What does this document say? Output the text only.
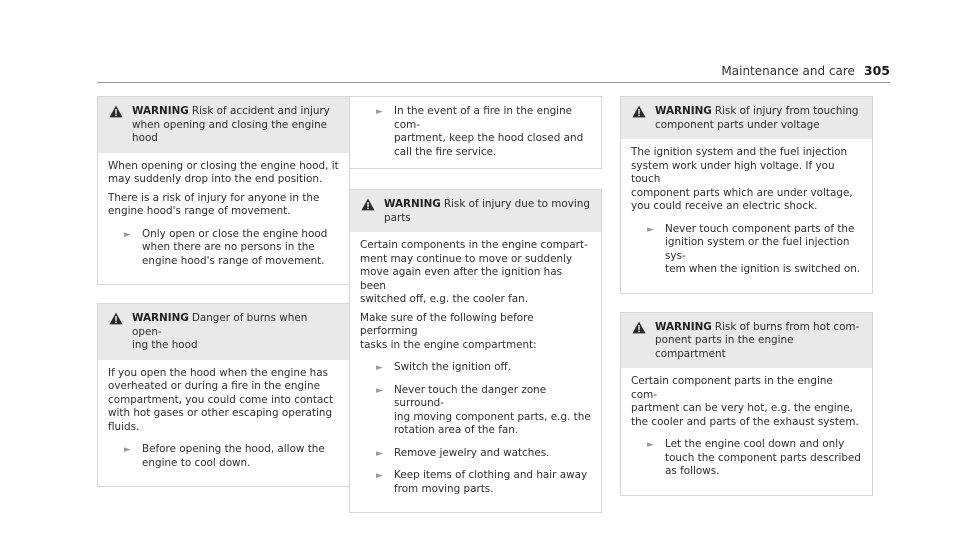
Maintenance and care 305
WARNING Risk of accident and injury
when opening and closing the engine
hood

When opening or closing the engine hood, it
may suddenly drop into the end position.

There is a risk of injury for anyone in the
engine hood's range of movement.

► Only open or close the engine hood
when there are no persons in the
engine hood's range of movement.
WARNING Danger of burns when open-
ing the hood

If you open the hood when the engine has
overheated or during a fire in the engine
compartment, you could come into contact
with hot gases or other escaping operating
fluids.

► Before opening the hood, allow the
engine to cool down.
► In the event of a fire in the engine com-
partment, keep the hood closed and
call the fire service.
WARNING Risk of injury due to moving
parts

Certain components in the engine compart-
ment may continue to move or suddenly
move again even after the ignition has been
switched off, e.g. the cooler fan.

Make sure of the following before performing
tasks in the engine compartment:

► Switch the ignition off.
► Never touch the danger zone surround-
ing moving component parts, e.g. the
rotation area of the fan.
► Remove jewelry and watches.
► Keep items of clothing and hair away
from moving parts.
WARNING Risk of injury from touching
component parts under voltage

The ignition system and the fuel injection
system work under high voltage. If you touch
component parts which are under voltage,
you could receive an electric shock.

► Never touch component parts of the
ignition system or the fuel injection sys-
tem when the ignition is switched on.
WARNING Risk of burns from hot com-
ponent parts in the engine compartment

Certain component parts in the engine com-
partment can be very hot, e.g. the engine,
the cooler and parts of the exhaust system.

► Let the engine cool down and only
touch the component parts described
as follows.
